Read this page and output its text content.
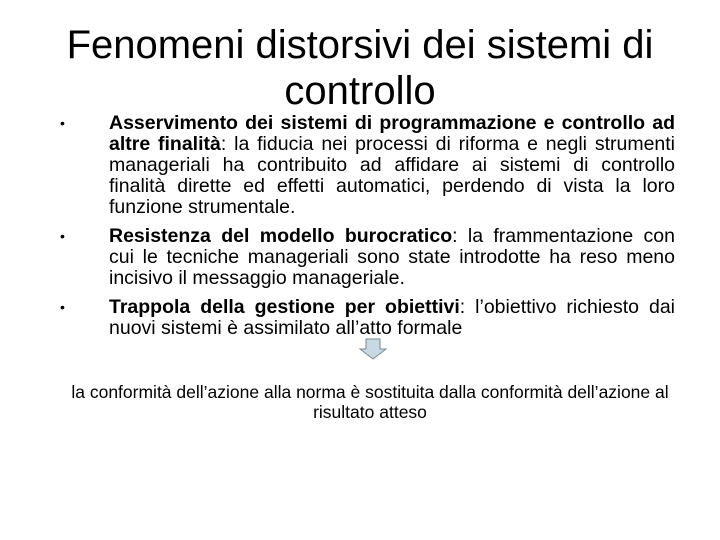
Fenomeni distorsivi dei sistemi di controllo
• Asservimento dei sistemi di programmazione e controllo ad altre finalità: la fiducia nei processi di riforma e negli strumenti manageriali ha contribuito ad affidare ai sistemi di controllo finalità dirette ed effetti automatici, perdendo di vista la loro funzione strumentale.
• Resistenza del modello burocratico: la frammentazione con cui le tecniche manageriali sono state introdotte ha reso meno incisivo il messaggio manageriale.
• Trappola della gestione per obiettivi: l’obiettivo richiesto dai nuovi sistemi è assimilato all’atto formale
la conformità dell’azione alla norma è sostituita dalla conformità dell’azione al risultato atteso
